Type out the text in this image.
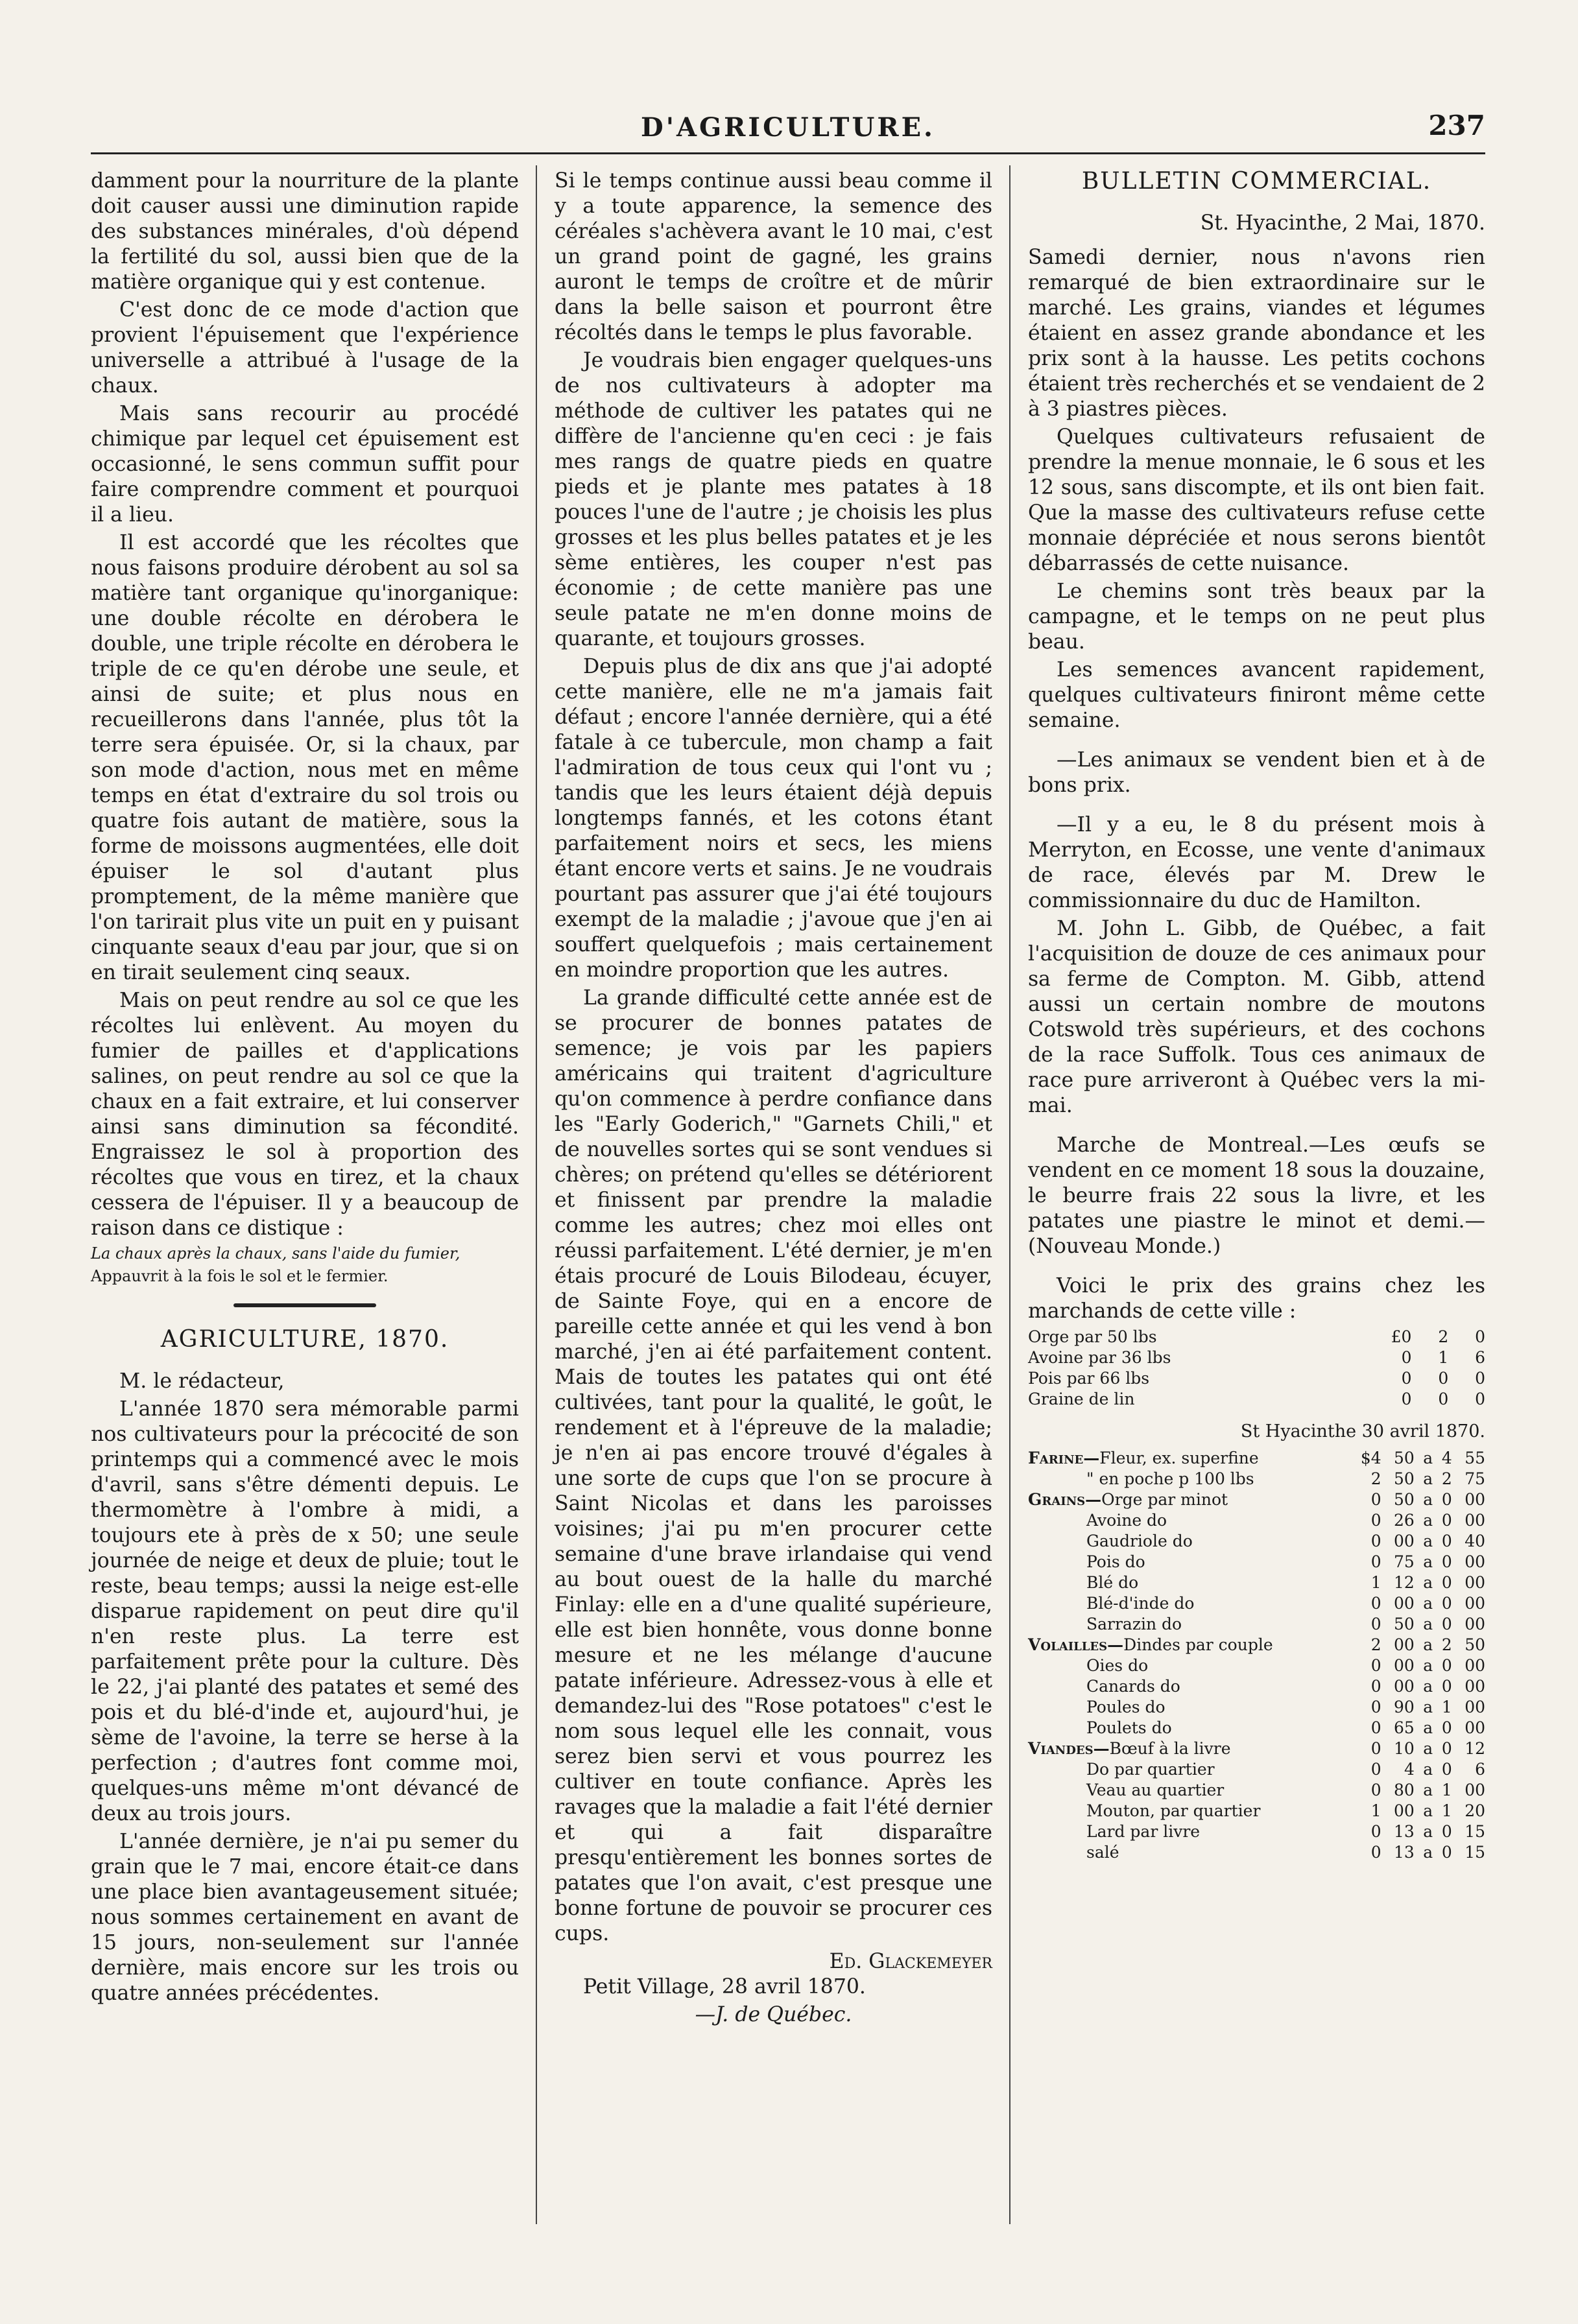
D'AGRICULTURE.	237

damment pour la nourriture de la plante doit causer aussi une diminution rapide des substances minérales, d'où dépend la fertilité du sol, aussi bien que de la matière organique qui y est contenue.

C'est donc de ce mode d'action que provient l'épuisement que l'expérience universelle a attribué à l'usage de la chaux.

Mais sans recourir au procédé chimique par lequel cet épuisement est occasionné, le sens commun suffit pour faire comprendre comment et pourquoi il a lieu.

Il est accordé que les récoltes que nous faisons produire dérobent au sol sa matière tant organique qu'inorganique: une double récolte en dérobera le double, une triple récolte en dérobera le triple de ce qu'en dérobe une seule, et ainsi de suite; et plus nous en recueillerons dans l'année, plus tôt la terre sera épuisée. Or, si la chaux, par son mode d'action, nous met en même temps en état d'extraire du sol trois ou quatre fois autant de matière, sous la forme de moissons augmentées, elle doit épuiser le sol d'autant plus promptement, de la même manière que l'on tarirait plus vite un puit en y puisant cinquante seaux d'eau par jour, que si on en tirait seulement cinq seaux.

Mais on peut rendre au sol ce que les récoltes lui enlèvent. Au moyen du fumier de pailles et d'applications salines, on peut rendre au sol ce que la chaux en a fait extraire, et lui conserver ainsi sans diminution sa fécondité. Engraissez le sol à proportion des récoltes que vous en tirez, et la chaux cessera de l'épuiser. Il y a beaucoup de raison dans ce distique :

La chaux après la chaux, sans l'aide du fumier,

Appauvrit à la fois le sol et le fermier.

AGRICULTURE, 1870.

M. le rédacteur,

L'année 1870 sera mémorable parmi nos cultivateurs pour la précocité de son printemps qui a commencé avec le mois d'avril, sans s'être démenti depuis. Le thermomètre à l'ombre à midi, a toujours ete à près de x 50; une seule journée de neige et deux de pluie; tout le reste, beau temps; aussi la neige est-elle disparue rapidement on peut dire qu'il n'en reste plus. La terre est parfaitement prête pour la culture. Dès le 22, j'ai planté des patates et semé des pois et du blé-d'inde et, aujourd'hui, je sème de l'avoine, la terre se herse à la perfection ; d'autres font comme moi, quelques-uns même m'ont dévancé de deux au trois jours.

L'année dernière, je n'ai pu semer du grain que le 7 mai, encore était-ce dans une place bien avantageusement située; nous sommes certainement en avant de 15 jours, non-seulement sur l'année dernière, mais encore sur les trois ou quatre années précédentes.

Si le temps continue aussi beau comme il y a toute apparence, la semence des céréales s'achèvera avant le 10 mai, c'est un grand point de gagné, les grains auront le temps de croître et de mûrir dans la belle saison et pourront être récoltés dans le temps le plus favorable.

Je voudrais bien engager quelques-uns de nos cultivateurs à adopter ma méthode de cultiver les patates qui ne diffère de l'ancienne qu'en ceci : je fais mes rangs de quatre pieds en quatre pieds et je plante mes patates à 18 pouces l'une de l'autre ; je choisis les plus grosses et les plus belles patates et je les sème entières, les couper n'est pas économie ; de cette manière pas une seule patate ne m'en donne moins de quarante, et toujours grosses.

Depuis plus de dix ans que j'ai adopté cette manière, elle ne m'a jamais fait défaut ; encore l'année dernière, qui a été fatale à ce tubercule, mon champ a fait l'admiration de tous ceux qui l'ont vu ; tandis que les leurs étaient déjà depuis longtemps fannés, et les cotons étant parfaitement noirs et secs, les miens étant encore verts et sains. Je ne voudrais pourtant pas assurer que j'ai été toujours exempt de la maladie ; j'avoue que j'en ai souffert quelquefois ; mais certainement en moindre proportion que les autres.

La grande difficulté cette année est de se procurer de bonnes patates de semence; je vois par les papiers américains qui traitent d'agriculture qu'on commence à perdre confiance dans les "Early Goderich," "Garnets Chili," et de nouvelles sortes qui se sont vendues si chères; on prétend qu'elles se détériorent et finissent par prendre la maladie comme les autres; chez moi elles ont réussi parfaitement. L'été dernier, je m'en étais procuré de Louis Bilodeau, écuyer, de Sainte Foye, qui en a encore de pareille cette année et qui les vend à bon marché, j'en ai été parfaitement content. Mais de toutes les patates qui ont été cultivées, tant pour la qualité, le goût, le rendement et à l'épreuve de la maladie; je n'en ai pas encore trouvé d'égales à une sorte de cups que l'on se procure à Saint Nicolas et dans les paroisses voisines; j'ai pu m'en procurer cette semaine d'une brave irlandaise qui vend au bout ouest de la halle du marché Finlay: elle en a d'une qualité supérieure, elle est bien honnête, vous donne bonne mesure et ne les mélange d'aucune patate inférieure. Adressez-vous à elle et demandez-lui des "Rose potatoes" c'est le nom sous lequel elle les connait, vous serez bien servi et vous pourrez les cultiver en toute confiance. Après les ravages que la maladie a fait l'été dernier et qui a fait disparaître presqu'entièrement les bonnes sortes de patates que l'on avait, c'est presque une bonne fortune de pouvoir se procurer ces cups.

Ed. Glackemeyer

Petit Village, 28 avril 1870.

—J. de Québec.
BULLETIN COMMERCIAL.
St. Hyacinthe, 2 Mai, 1870.

Samedi dernier, nous n'avons rien remarqué de bien extraordinaire sur le marché. Les grains, viandes et légumes étaient en assez grande abondance et les prix sont à la hausse. Les petits cochons étaient très recherchés et se vendaient de 2 à 3 piastres pièces.

Quelques cultivateurs refusaient de prendre la menue monnaie, le 6 sous et les 12 sous, sans discompte, et ils ont bien fait. Que la masse des cultivateurs refuse cette monnaie dépréciée et nous serons bientôt débarrassés de cette nuisance.

Le chemins sont très beaux par la campagne, et le temps on ne peut plus beau.

Les semences avancent rapidement, quelques cultivateurs finiront même cette semaine.

—Les animaux se vendent bien et à de bons prix.

—Il y a eu, le 8 du présent mois à Merryton, en Ecosse, une vente d'animaux de race, élevés par M. Drew le commissionnaire du duc de Hamilton.

M. John L. Gibb, de Québec, a fait l'acquisition de douze de ces animaux pour sa ferme de Compton. M. Gibb, attend aussi un certain nombre de moutons Cotswold très supérieurs, et des cochons de la race Suffolk. Tous ces animaux de race pure arriveront à Québec vers la mi-mai.

Marche de Montreal.—Les œufs se vendent en ce moment 18 sous la douzaine, le beurre frais 22 sous la livre, et les patates une piastre le minot et demi.—(Nouveau Monde.)

Voici le prix des grains chez les marchands de cette ville :

Orge par 50 lbs	£0	2	0
Avoine par 36 lbs	0	1	6
Pois par 66 lbs	0	0	0
Graine de lin	0	0	0
St Hyacinthe 30 avril 1870.
Farine—Fleur, ex. superfine	$4	50	a	4	55
" en poche p 100 lbs	2	50	a	2	75
Grains—Orge par minot	0	50	a	0	00
Avoine do	0	26	a	0	00
Gaudriole do	0	00	a	0	40
Pois do	0	75	a	0	00
Blé do	1	12	a	0	00
Blé-d'inde do	0	00	a	0	00
Sarrazin do	0	50	a	0	00
Volailles—Dindes par couple	2	00	a	2	50
Oies do	0	00	a	0	00
Canards do	0	00	a	0	00
Poules do	0	90	a	1	00
Poulets do	0	65	a	0	00
Viandes—Bœuf à la livre	0	10	a	0	12
Do par quartier	0	4	a	0	6
Veau au quartier	0	80	a	1	00
Mouton, par quartier	1	00	a	1	20
Lard par livre	0	13	a	0	15
salé	0	13	a	0	15
